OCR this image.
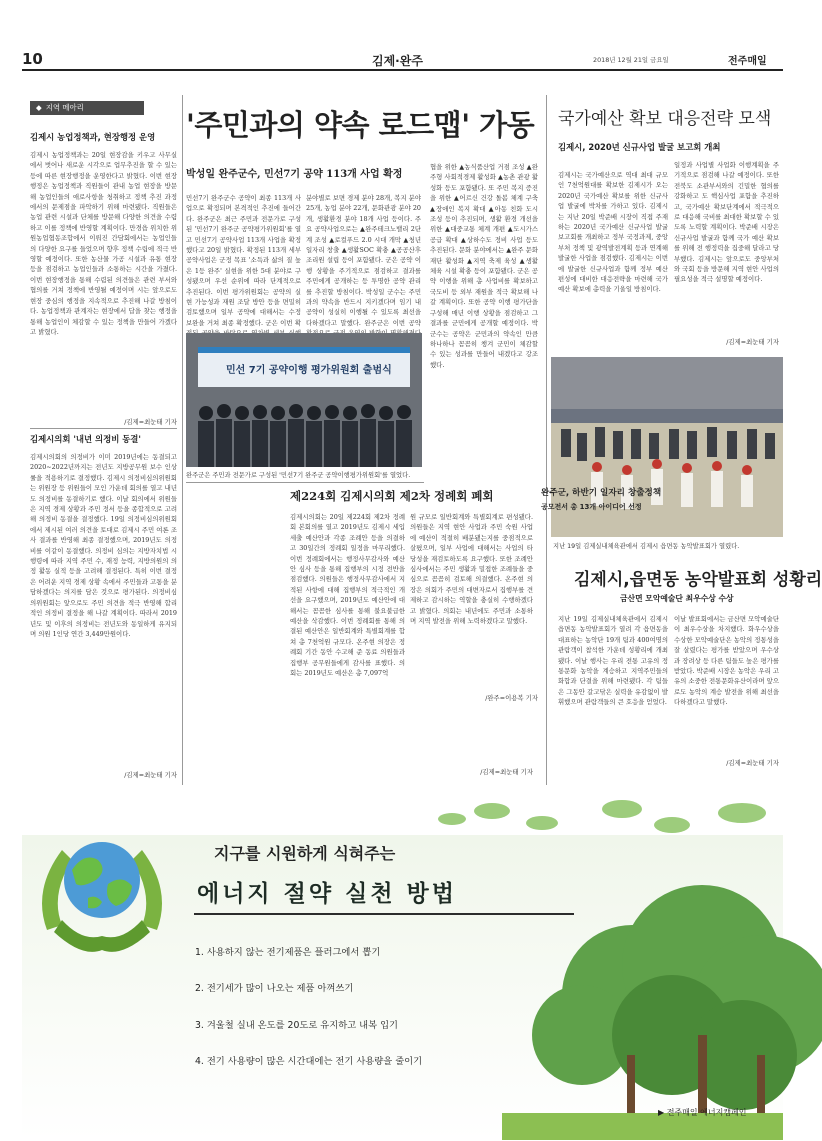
10	김제·완주	2018년 12월 21일 금요일	전주매일
◆ 지역 메아리
김제시 농업정책과, 현장행정 운영
김제시 농업정책과는 20일 현장감을 키우고 사무실에서 벗어나 새로운 시각으로 업무추진을 할 수 있는 등에 따른 현장행정을 운영한다고 밝혔다. 이번 현장행정은 농업정책과 직원들이 관내 농업 현장을 방문해 농업인들의 애로사항을 청취하고 정책 추진 과정에서의 문제점을 파악하기 위해 마련됐다. 직원들은 농업 관련 시설과 단체를 방문해 다양한 의견을 수렴하고 이를 정책에 반영할 계획이다. 만경읍 위치한 위원농업협동조합에서 이뤄진 간담회에서는 농업인들의 다양한 요구를 들었으며 향후 정책 수립에 적극 반영할 예정이다. 또한 농산물 가공 시설과 유통 현장 등을 점검하고 농업인들과 소통하는 시간을 가졌다. 이번 현장행정을 통해 수렴된 의견들은 관련 부서와 협의를 거쳐 정책에 반영될 예정이며 시는 앞으로도 현장 중심의 행정을 지속적으로 추진해 나갈 방침이다. 농업정책과 관계자는 현장에서 답을 찾는 행정을 통해 농업인이 체감할 수 있는 정책을 만들어 가겠다고 밝혔다.
/김제=최눈태 기자
김제시의회 '내년 의정비 동결'
김제시의회의 의정비가 이미 2019년에는 동결되고 2020~2022년까지는 전년도 지방공무원 보수 인상률을 적용하기로 결정했다. 김제시 의정비심의위원회는 위원장 등 위원들이 모인 가운데 회의를 열고 내년도 의정비를 동결하기로 했다. 이날 회의에서 위원들은 지역 경제 상황과 주민 정서 등을 종합적으로 고려해 의정비 동결을 결정했다. 19일 의정비심의위원회에서 제시된 여러 의견을 토대로 김제시 주민 여론 조사 결과를 반영해 최종 결정했으며, 2019년도 의정비를 이같이 동결했다. 의정비 심의는 지방자치법 시행령에 따라 지역 주민 수, 재정 능력, 지방의원의 의정 활동 실적 등을 고려해 결정된다. 특히 이번 결정은 어려운 지역 경제 상황 속에서 주민들과 고통을 분담하겠다는 의지를 담은 것으로 평가된다. 의정비심의위원회는 앞으로도 주민 의견을 적극 반영해 합리적인 의정비 결정을 해 나갈 계획이다. 따라서 2019년도 및 이후의 의정비는 전년도와 동일하게 유지되며 의원 1인당 연간 3,449만원이다.
/김제=최눈태 기자
'주민과의 약속 로드맵' 가동
박성일 완주군수, 민선7기 공약 113개 사업 확정
민선7기 완주군수 공약이 최종 113개 사업으로 확정되며 본격적인 추진에 들어간다. 완주군은 최근 주민과 전문가로 구성된 '민선7기 완주군 공약평가위원회'를 열고 민선7기 공약사업 113개 사업을 확정했다고 20일 밝혔다. 확정된 113개 세부공약사업은 군정 목표 '소득과 삶의 질 높은 1등 완주' 실현을 위한 5대 분야로 구성됐으며 우선 순위에 따라 단계적으로 추진된다. 이번 평가위원회는 공약의 실현 가능성과 재원 조달 방안 등을 면밀히 검토했으며 일부 공약에 대해서는 수정 보완을 거쳐 최종 확정했다. 군은 이번 확
분야별로 보면 경제 분야 28개, 복지 분야 25개, 농업 분야 22개, 문화관광 분야 20개, 생활환경 분야 18개 사업 등이다. 주요 공약사업으로는 ▲완주테크노밸리 2단계 조성 ▲로컬푸드 2.0 시대 개막 ▲청년 일자리 창출 ▲생활SOC 확충 ▲공공산후조리원 설립 등이 포함됐다. 군은 공약 이행 상황을 주기적으로 점검하고 결과를 주민에게 공개하는 등 투명한 공약 관리를 추진할 방침이다. 박성일 군수는 주민과의 약속을 반드시 지키겠다며 임기 내 공약이 성실히 이행될 수 있도록 최선을 다하겠다고 말했다. 완주군은 이번 공약
협을 위한 ▲농식품산업 거점 조성 ▲완주형 사회적경제 활성화 ▲농촌 관광 활성화 등도 포함됐다. 또 주민 복지 증진을 위한 ▲어르신 건강 돌봄 체계 구축 ▲장애인 복지 확대 ▲아동 친화 도시 조성 등이 추진되며, 생활 환경 개선을 위한 ▲대중교통 체계 개편 ▲도시가스 공급 확대 ▲상하수도 정비 사업 등도 추진된다. 문화 분야에서는 ▲완주 문화재단 활성화 ▲지역 축제 육성 ▲생활 체육 시설 확충 등이 포함됐다. 군은 공약 이행을 위해 총 사업비를 확보하고 국도비 등 외부 재원을 적극 확보해 나갈 계획이다. 또한 공약 이행 평가단을 구성해 매년 이행 상황을 점검하고 그 결과를 군민에게 공개할 예정이다. 박 군수는 공약은 군민과의 약속인 만큼 하나하나 꼼꼼히 챙겨 군민이 체감할 수 있는 성과를 만들어 내겠다고 강조했다.
/완주=이용복 기자
민선 7기 공약이행 평가위원회 출범식
완주군은 주민과 전문가로 구성된 '민선7기 완주군 공약이행평가위원회'를 열었다.
국가예산 확보 대응전략 모색
김제시, 2020년 신규사업 발굴 보고회 개최
김제시는 국가예산으로 역대 최대 규모인 7천억원대를 확보한 김제시가 오는 2020년 국가예산 확보를 위한 신규사업 발굴에 박차를 가하고 있다. 김제시는 지난 20일 박준배 시장이 직접 주재하는 2020년 국가예산 신규사업 발굴 보고회를 개최하고 정부 국정과제, 중앙부처 정책 및 광역발전계획 등과 연계해 발굴한 사업을 점검했다. 김제시는 이번에 발굴한 신규사업과 함께 정부 예산 편성에 대비한 대응전략을 마련해 국가예산 확보에 총력을 기울일 방침이다.
일정과 사업별 사업화 이행계획을 주기적으로 점검해 나갈 예정이다. 또한 전북도 소관부서와의 긴밀한 협의를 강화하고 도 핵심사업 포함을 추진하고, 국가예산 확보단계에서 적극적으로 대응해 국비를 최대한 확보할 수 있도록 노력할 계획이다. 박준배 시장은 신규사업 발굴과 함께 국가 예산 확보를 위해 전 행정력을 집중해 달라고 당부했다. 김제시는 앞으로도 중앙부처와 국회 등을 방문해 지역 현안 사업의 필요성을 적극 설명할 예정이다.
/김제=최눈태 기자
지난 19일 김제실내체육관에서 김제시 읍면동 농악발표회가 열렸다.
김제시,읍면동 농악발표회 성황리
금산면 모악예술단 최우수상 수상
지난 19일 김제실내체육관에서 김제시 읍면동 농악발표회가 열려 각 읍면동을 대표하는 농악단 19개 팀과 400여명의 관람객이 참석한 가운데 성황리에 개최됐다. 이날 행사는 우리 전통 고유의 정통문화 농악을 계승하고 지역주민들의 화합과 단결을 위해 마련됐다. 각 팀들은 그동안 갈고닦은 실력을 유감없이 발휘했으며 관람객들의 큰 호응을 얻었다.
이날 발표회에서는 금산면 모악예술단이 최우수상을 차지했다. 화우수상을 수상한 모악예술단은 농악의 정통성을 잘 살렸다는 평가를 받았으며 우수상과 장려상 등 다른 팀들도 높은 평가를 받았다. 박준배 시장은 농악은 우리 고유의 소중한 전통문화유산이라며 앞으로도 농악의 계승 발전을 위해 최선을 다하겠다고 말했다.
/김제=최눈태 기자
제224회 김제시의회 제2차 정례회 폐회
김제시의회는 20일 제224회 제2차 정례회 본회의를 열고 2019년도 김제시 세입세출 예산안과 각종 조례안 등을 의결하고 30일간의 정례회 일정을 마무리했다. 이번 정례회에서는 행정사무감사와 예산안 심사 등을 통해 집행부의 시정 전반을 점검했다. 의원들은 행정사무감사에서 지적된 사항에 대해 집행부의 적극적인 개선을 요구했으며, 2019년도 예산안에 대해서는 꼼꼼한 심사를 통해 불요불급한 예산을 삭감했다. 이번 정례회를 통해 의결된 예산안은 일반회계와 특별회계를 합쳐 총 7천억원 규모다. 온주현 의장은 정례회 기간 동안 수고해 준 동료 의원들과 집행부 공무원들에게 감사를 표했다. 의회는 2019년도 예산은 총 7,097억
원 규모로 일반회계와 특별회계로 편성됐다. 의원들은 지역 현안 사업과 주민 숙원 사업에 예산이 적절히 배분됐는지를 중점적으로 살폈으며, 일부 사업에 대해서는 사업의 타당성을 재검토하도록 요구했다. 또한 조례안 심사에서는 주민 생활과 밀접한 조례들을 중심으로 꼼꼼히 검토해 의결했다. 온주현 의장은 의회가 주민의 대변자로서 집행부를 견제하고 감시하는 역할을 충실히 수행하겠다고 밝혔다. 의회는 내년에도 주민과 소통하며 지역 발전을 위해 노력하겠다고 말했다.
/김제=최눈태 기자
완주군, 하반기 일자리 창출정책
공모전서 총 13개 아이디어 선정
지구를 시원하게 식혀주는
에너지 절약 실천 방법
1. 사용하지 않는 전기제품은 플러그에서 뽑기
2. 전기세가 많이 나오는 제품 아껴쓰기
3. 겨울철 실내 온도를 20도로 유지하고 내복 입기
4. 전기 사용량이 많은 시간대에는 전기 사용량을 줄이기
▶ 전주매일 에너지캠페인
